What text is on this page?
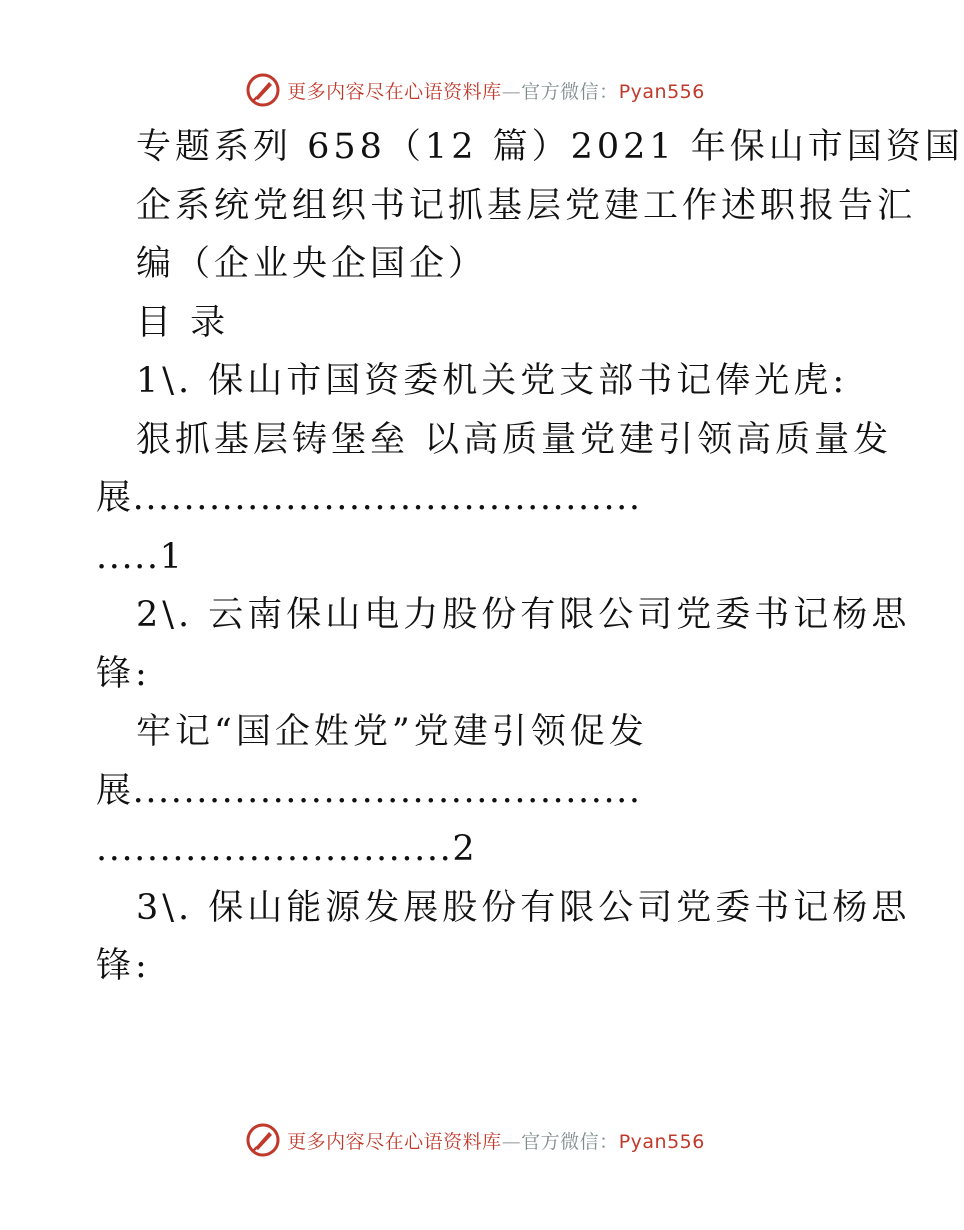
更多内容尽在心语资料库—官方微信：Pyan556
专题系列 658（12 篇）2021 年保山市国资国
企系统党组织书记抓基层党建工作述职报告汇
编（企业央企国企）
目 录
1\. 保山市国资委机关党支部书记俸光虎:
狠抓基层铸堡垒 以高质量党建引领高质量发
展........................................
.....1
2\. 云南保山电力股份有限公司党委书记杨思
锋:
牢记“国企姓党”党建引领促发
展........................................
............................2
3\. 保山能源发展股份有限公司党委书记杨思
锋:
更多内容尽在心语资料库—官方微信：Pyan556
